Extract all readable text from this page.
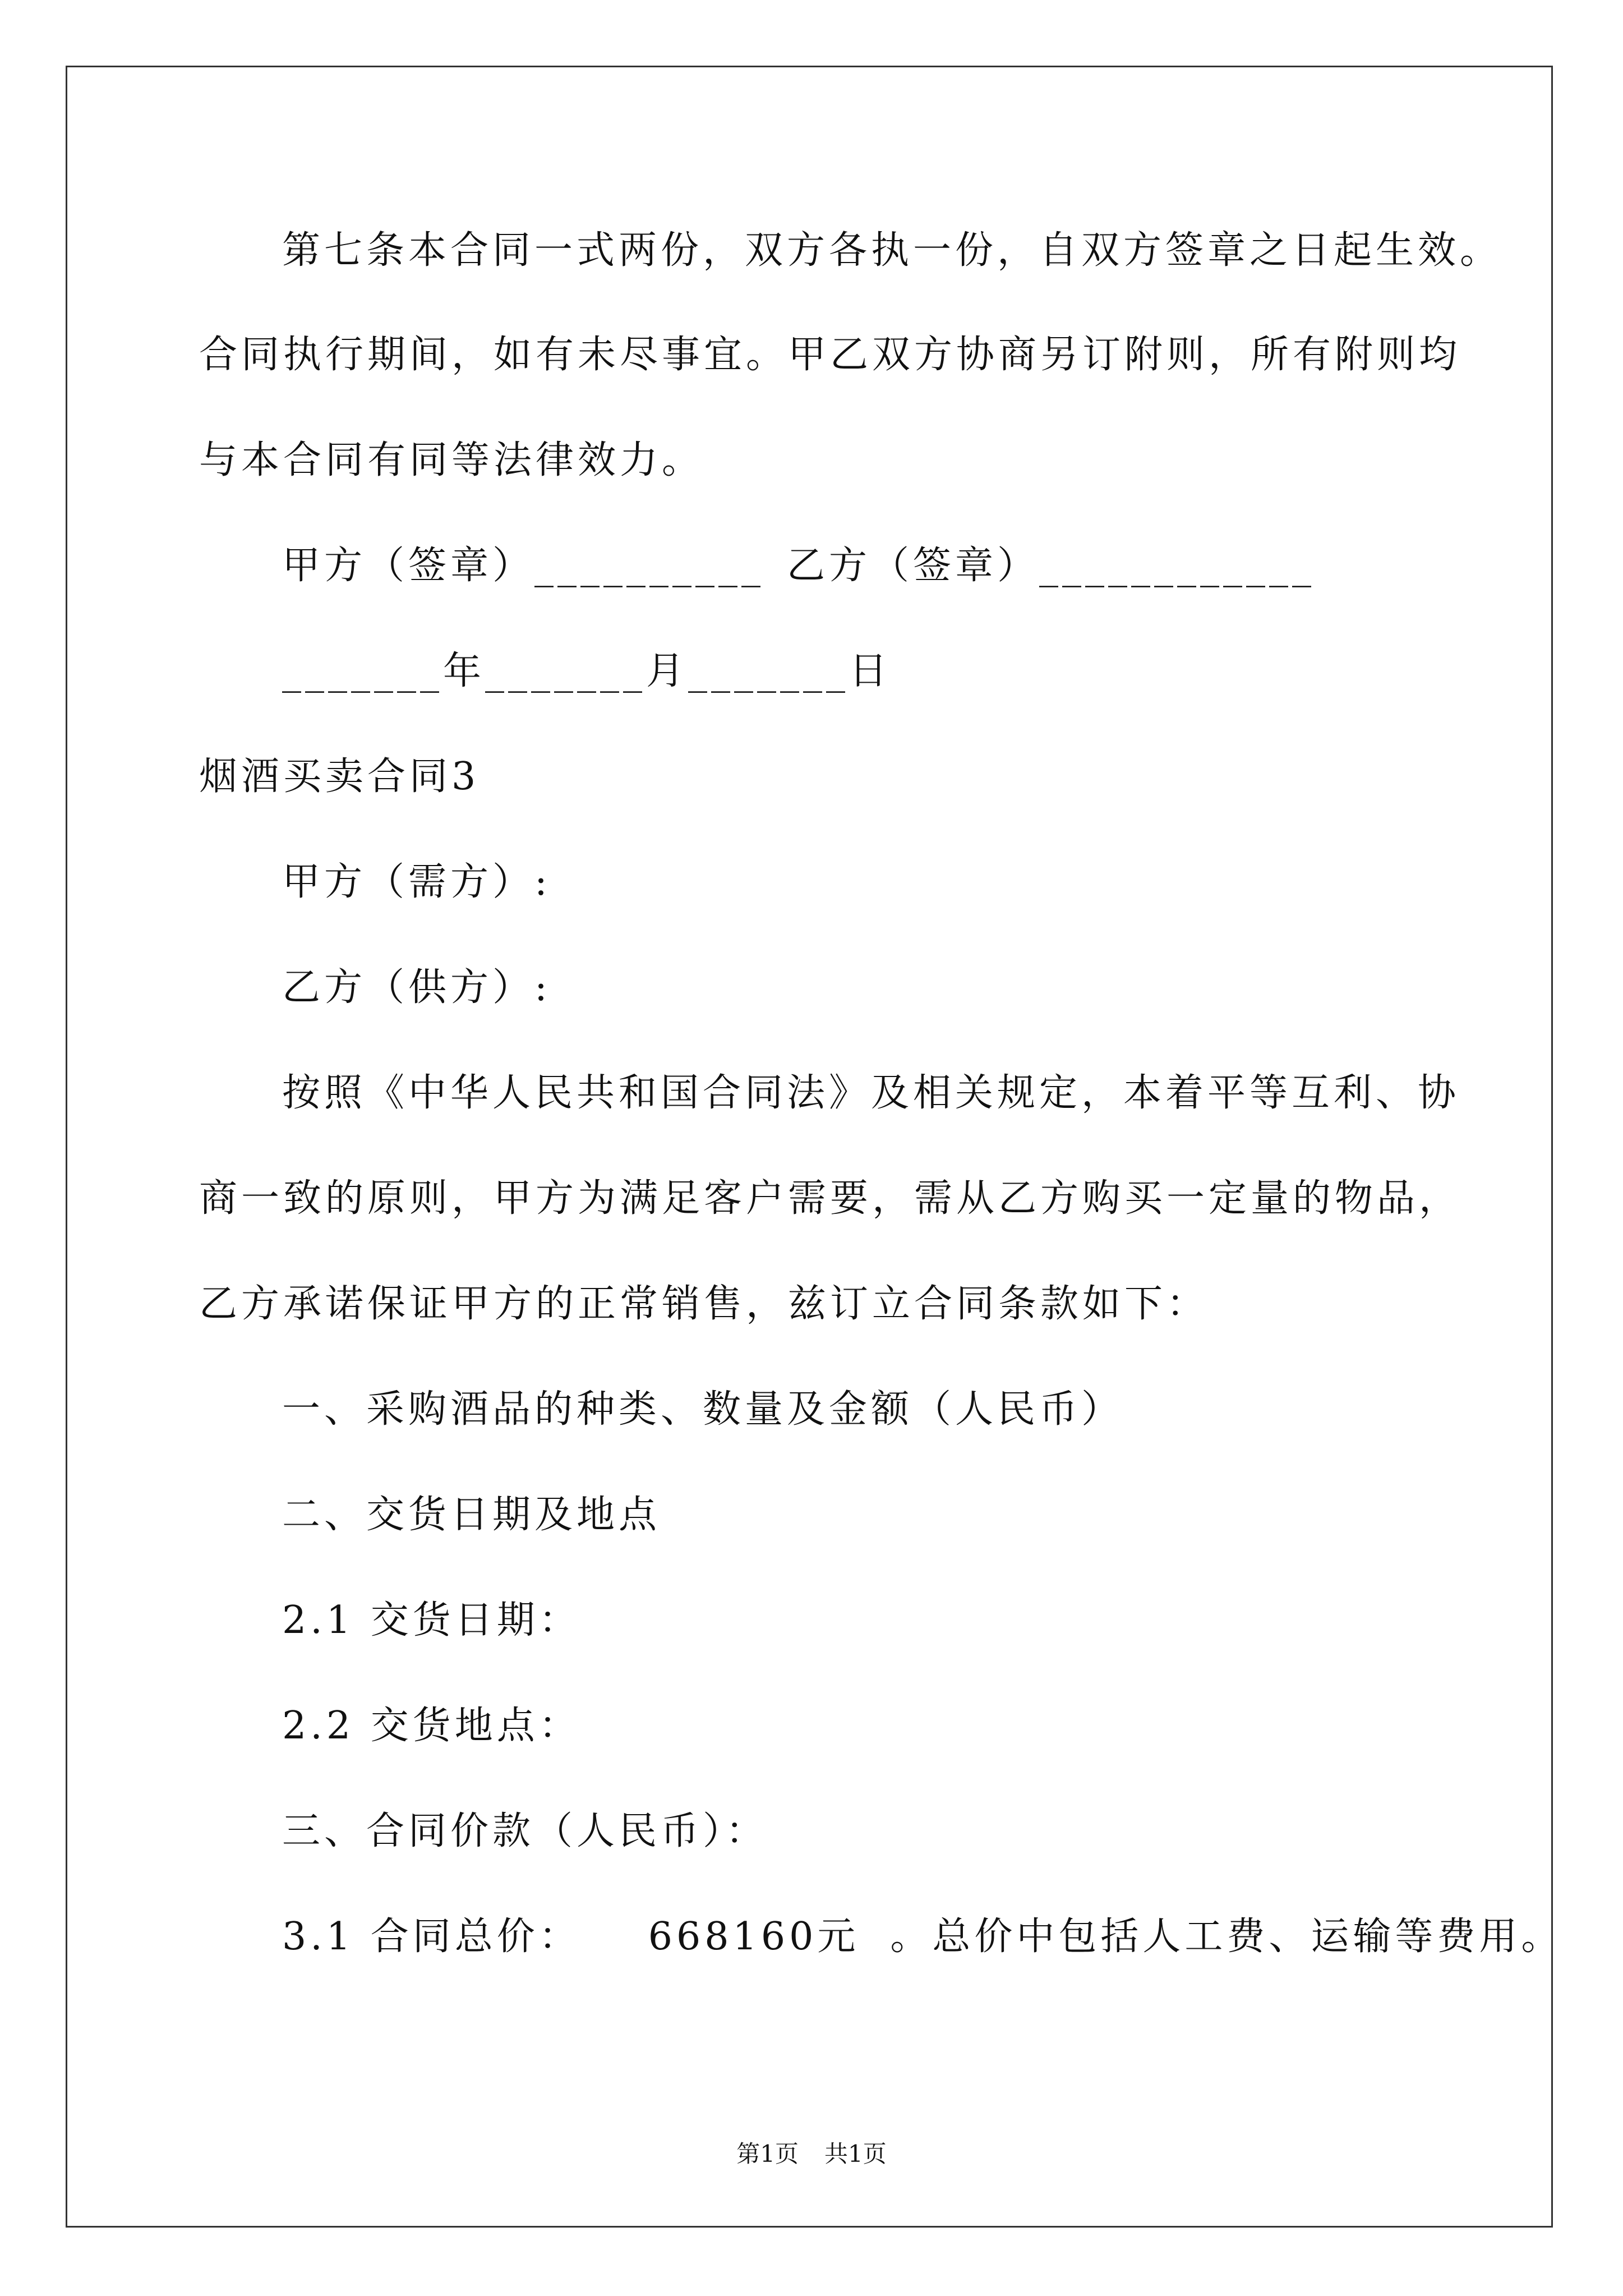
第七条本合同一式两份，双方各执一份，自双方签章之日起生效。
合同执行期间，如有未尽事宜。甲乙双方协商另订附则，所有附则均
与本合同有同等法律效力。
甲方（签章）__________ 乙方（签章）____________
_______年_______月_______日
烟酒买卖合同3
甲方（需方）:
乙方（供方）:
按照《中华人民共和国合同法》及相关规定，本着平等互利、协
商一致的原则，甲方为满足客户需要，需从乙方购买一定量的物品，
乙方承诺保证甲方的正常销售，兹订立合同条款如下：
一、采购酒品的种类、数量及金额（人民币）
二、交货日期及地点
2.1 交货日期：
2.2 交货地点：
三、合同价款（人民币）：
3.1 合同总价： 668160元 。总价中包括人工费、运输等费用。
第1页 共1页
